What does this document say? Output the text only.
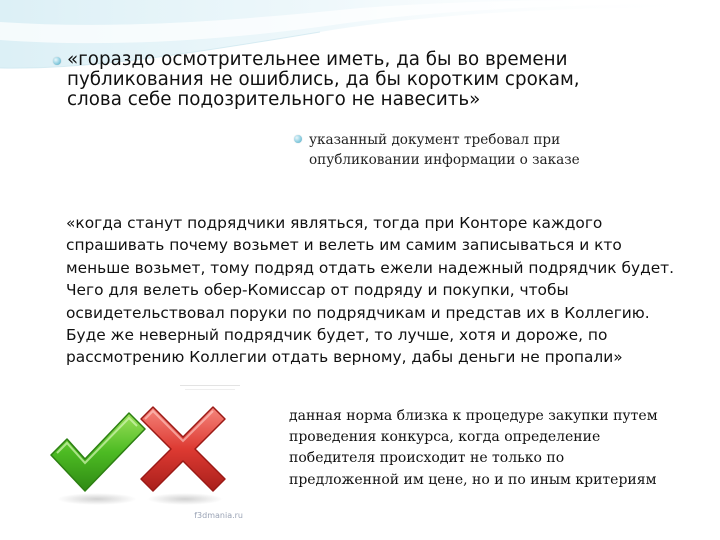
«гораздо осмотрительнее иметь, да бы во времени публикования не ошиблись, да бы коротким срокам, слова себе подозрительного не навесить»
указанный документ требовал при опубликовании информации о заказе
«когда станут подрядчики являться, тогда при Конторе каждого спрашивать почему возьмет и велеть им самим записываться и кто меньше возьмет, тому подряд отдать ежели надежный подрядчик будет. Чего для велеть обер-Комиссар от подряду и покупки, чтобы освидетельствовал поруки по подрядчикам и представ их в Коллегию. Буде же неверный подрядчик будет, то лучше, хотя и дороже, по рассмотрению Коллегии отдать верному, дабы деньги не пропали»
f3dmania.ru
данная норма близка к процедуре закупки путем проведения конкурса, когда определение победителя происходит не только по предложенной им цене, но и по иным критериям
